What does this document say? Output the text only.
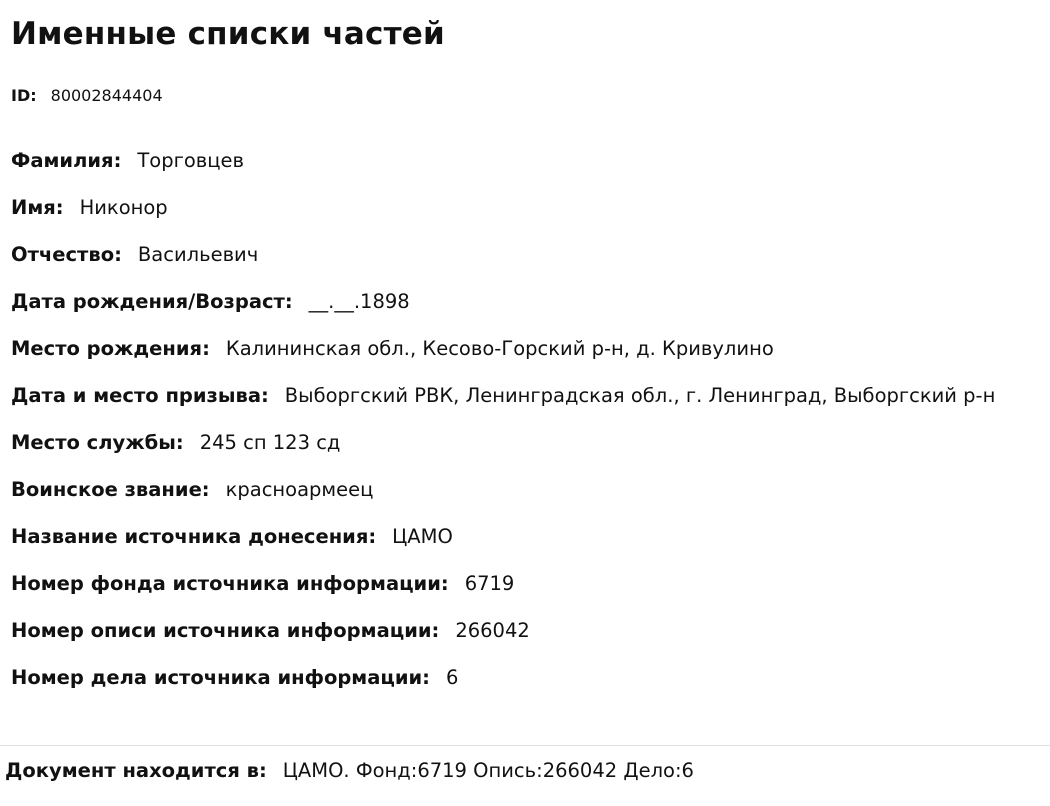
Именные списки частей
ID: 80002844404
Фамилия: Торговцев
Имя: Никонор
Отчество: Васильевич
Дата рождения/Возраст: __.__.1898
Место рождения: Калининская обл., Кесово-Горский р-н, д. Кривулино
Дата и место призыва: Выборгский РВК, Ленинградская обл., г. Ленинград, Выборгский р-н
Место службы: 245 сп 123 сд
Воинское звание: красноармеец
Название источника донесения: ЦАМО
Номер фонда источника информации: 6719
Номер описи источника информации: 266042
Номер дела источника информации: 6
Документ находится в: ЦАМО. Фонд:6719 Опись:266042 Дело:6
